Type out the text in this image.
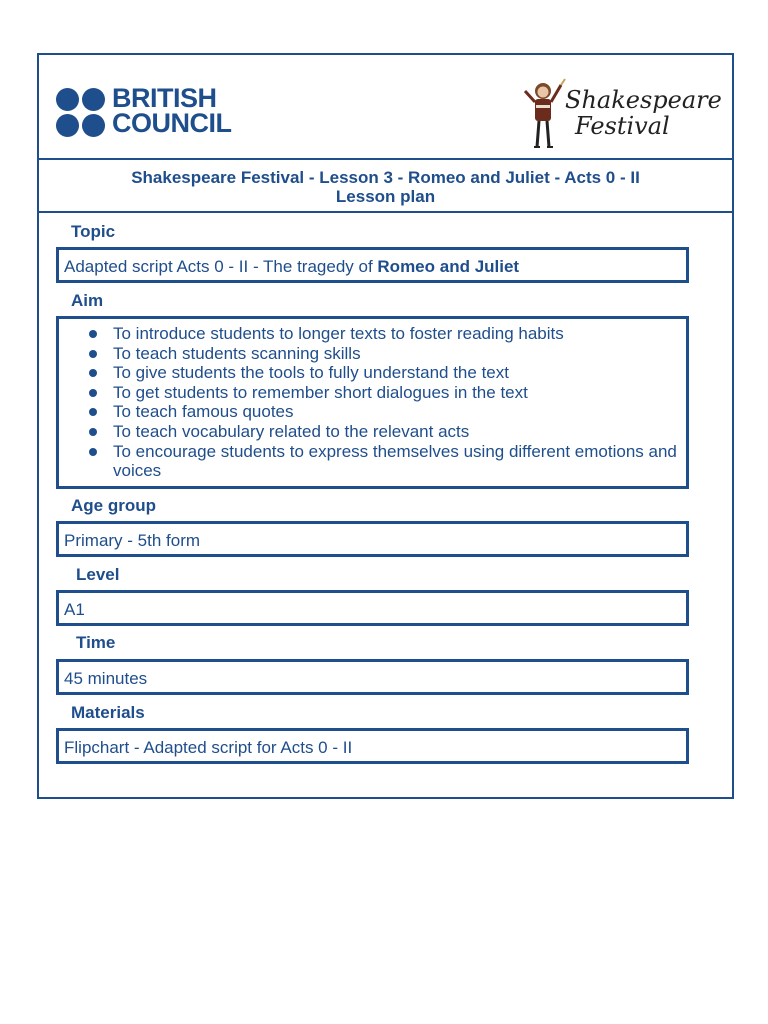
BRITISH
COUNCIL
Shakespeare
Festival
Shakespeare Festival - Lesson 3 - Romeo and Juliet - Acts 0 - II
Lesson plan
Topic
Adapted script Acts 0 - II - The tragedy of Romeo and Juliet
Aim
To introduce students to longer texts to foster reading habits
To teach students scanning skills
To give students the tools to fully understand the text
To get students to remember short dialogues in the text
To teach famous quotes
To teach vocabulary related to the relevant acts
To encourage students to express themselves using different emotions and voices
Age group
Primary - 5th form
Level
A1
Time
45 minutes
Materials
Flipchart - Adapted script for Acts 0 - II
